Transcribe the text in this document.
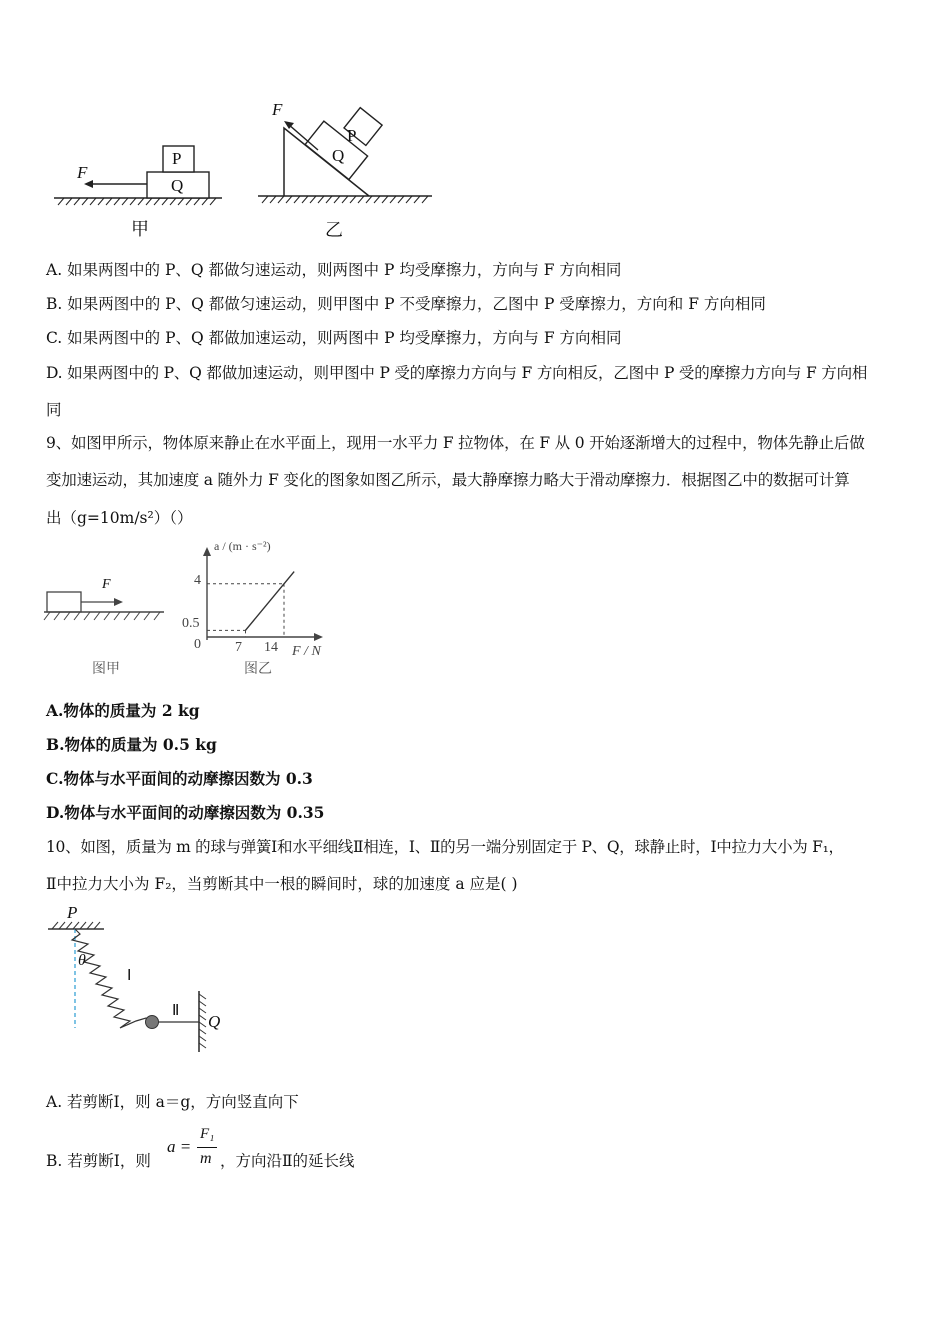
P
Q
F
甲
P
Q
F
乙
A. 如果两图中的 P、Q 都做匀速运动，则两图中 P 均受摩擦力，方向与 F 方向相同
B. 如果两图中的 P、Q 都做匀速运动，则甲图中 P 不受摩擦力，乙图中 P 受摩擦力，方向和 F 方向相同
C. 如果两图中的 P、Q 都做加速运动，则两图中 P 均受摩擦力，方向与 F 方向相同
D. 如果两图中的 P、Q 都做加速运动，则甲图中 P 受的摩擦力方向与 F 方向相反，乙图中 P 受的摩擦力方向与 F 方向相
同
9、如图甲所示，物体原来静止在水平面上，现用一水平力 F 拉物体，在 F 从 0 开始逐渐增大的过程中，物体先静止后做
变加速运动，其加速度 a 随外力 F 变化的图象如图乙所示，最大静摩擦力略大于滑动摩擦力．根据图乙中的数据可计算
出（g=10m/s²）（）
F
图甲
a / (m · s⁻²)
4
0.5
0 7 14 F / N
图乙
A.物体的质量为 2 kg
B.物体的质量为 0.5 kg
C.物体与水平面间的动摩擦因数为 0.3
D.物体与水平面间的动摩擦因数为 0.35
10、如图，质量为 m 的球与弹簧Ⅰ和水平细线Ⅱ相连，Ⅰ、Ⅱ的另一端分别固定于 P、Q，球静止时，Ⅰ中拉力大小为 F₁，
Ⅱ中拉力大小为 F₂，当剪断其中一根的瞬间时，球的加速度 a 应是( )
P
θ
Ⅰ
Ⅱ
Q
A. 若剪断Ⅰ，则 a＝g，方向竖直向下
B. 若剪断Ⅰ，则
a =
F₁
m ，方向沿Ⅱ的延长线
